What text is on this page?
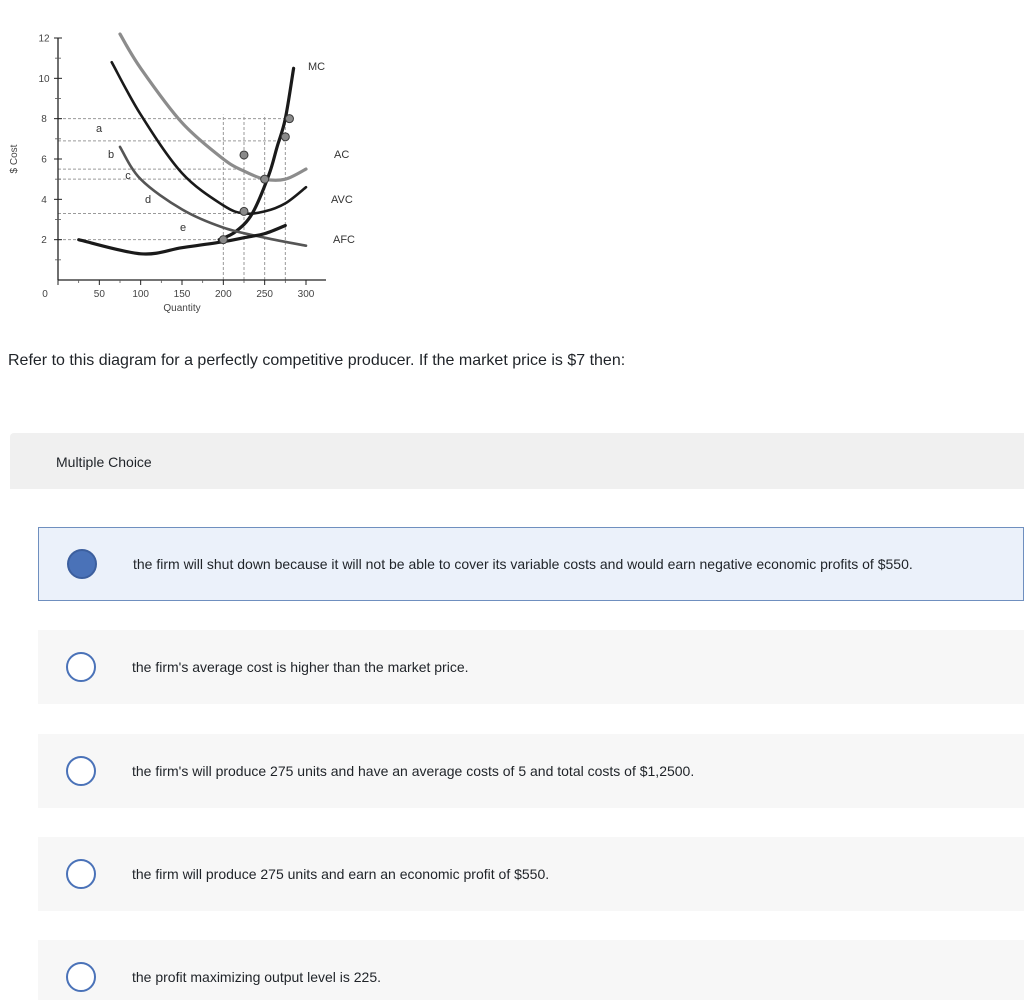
2
4
6
8
10
12
0	50	100 150 200 250 300
Quantity
$ Cost
MC
AC
AVC
AFC
a
b
c
d
e
Refer to this diagram for a perfectly competitive producer. If the market price is $7 then:
Multiple Choice
the firm will shut down because it will not be able to cover its variable costs and would earn negative economic profits of $550.
the firm's average cost is higher than the market price.
the firm's will produce 275 units and have an average costs of 5 and total costs of $1,2500.
the firm will produce 275 units and earn an economic profit of $550.
the profit maximizing output level is 225.
